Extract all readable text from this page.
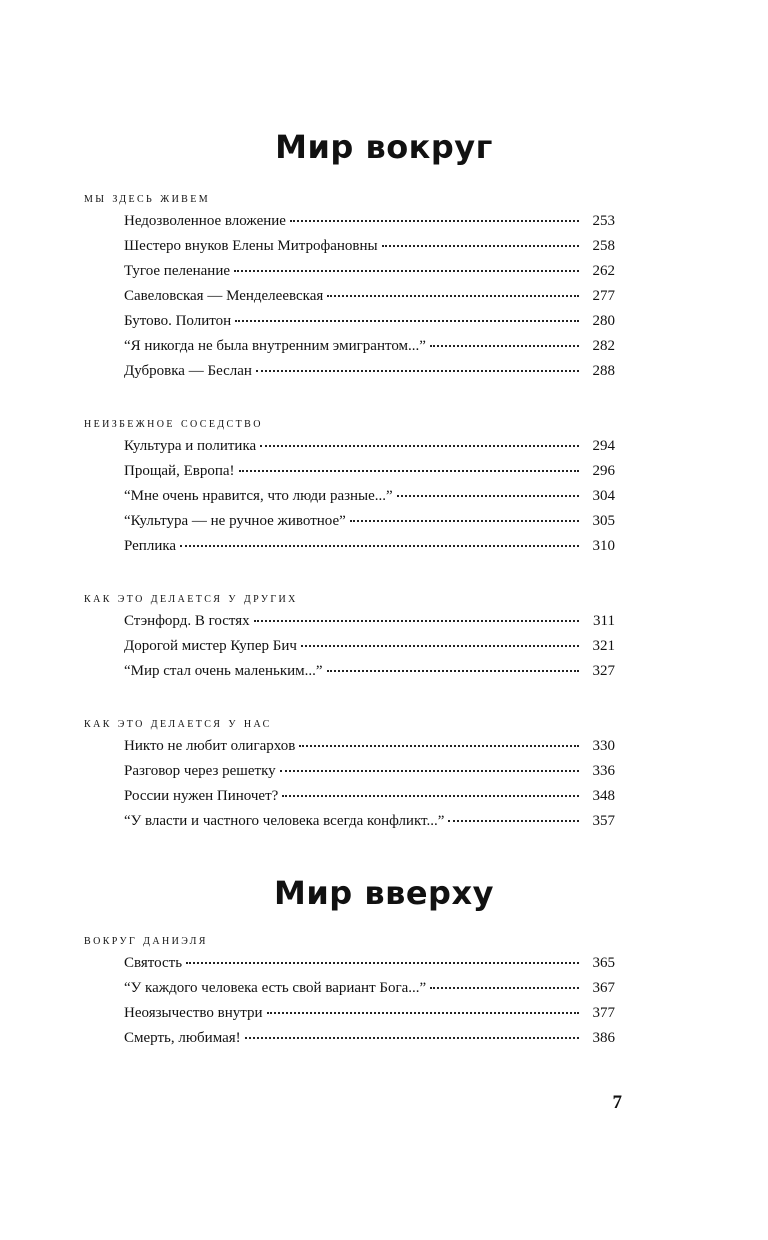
Мир вокруг
мы здесь живем
Недозволенное вложение	253
Шестеро внуков Елены Митрофановны	258
Тугое пеленание	262
Савеловская — Менделеевская	277
Бутово. Политон	280
“Я никогда не была внутренним эмигрантом...”	282
Дубровка — Беслан	288
неизбежное соседство
Культура и политика	294
Прощай, Европа!	296
“Мне очень нравится, что люди разные...”	304
“Культура — не ручное животное”	305
Реплика	310
как это делается у других
Стэнфорд. В гостях	311
Дорогой мистер Купер Бич	321
“Мир стал очень маленьким...”	327
как это делается у нас
Никто не любит олигархов	330
Разговор через решетку	336
России нужен Пиночет?	348
“У власти и частного человека всегда конфликт...”	357
Мир вверху
вокруг даниэля
Святость	365
“У каждого человека есть свой вариант Бога...”	367
Неоязычество внутри	377
Смерть, любимая!	386
7
